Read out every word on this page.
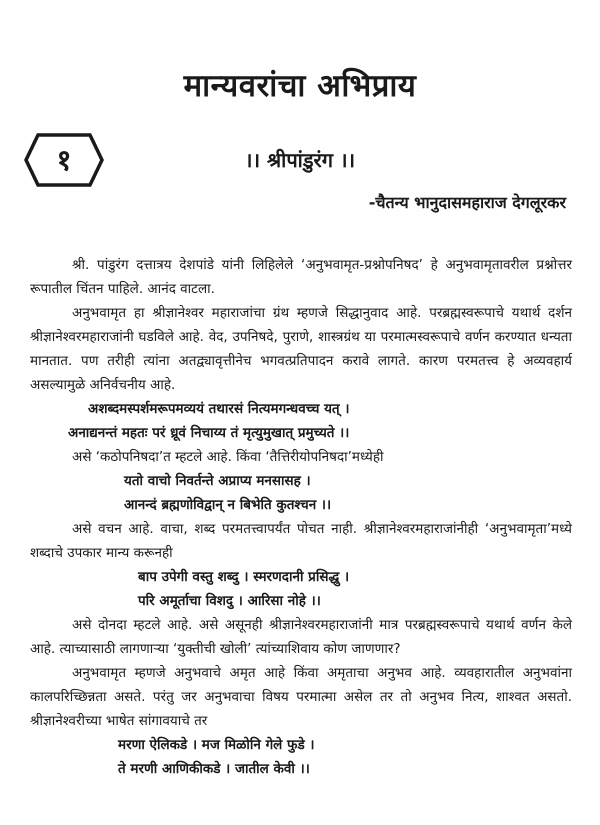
मान्यवरांचा अभिप्राय
१	।। श्रीपांडुरंग ।।
-चैतन्य भानुदासमहाराज देगलूरकर

श्री. पांडुरंग दत्तात्रय देशपांडे यांनी लिहिलेले ‘अनुभवामृत-प्रश्नोपनिषद’ हे अनुभवामृतावरील प्रश्नोत्तर रूपातील चिंतन पाहिले. आनंद वाटला.

अनुभवामृत हा श्रीज्ञानेश्वर महाराजांचा ग्रंथ म्हणजे सिद्धानुवाद आहे. परब्रह्मस्वरूपाचे यथार्थ दर्शन श्रीज्ञानेश्वरमहाराजांनी घडविले आहे. वेद, उपनिषदे, पुराणे, शास्त्रग्रंथ या परमात्मस्वरूपाचे वर्णन करण्यात धन्यता मानतात. पण तरीही त्यांना अतद्व्यावृत्तीनेच भगवत्प्रतिपादन करावे लागते. कारण परमतत्त्व हे अव्यवहार्य असल्यामुळे अनिर्वचनीय आहे.

अशब्दमस्पर्शमरूपमव्ययं तथारसं नित्यमगन्धवच्च यत् ।

अनाद्यनन्तं महतः परं ध्रूवं निचाय्य तं मृत्युमुखात् प्रमुच्यते ।।

असे ‘कठोपनिषदा’त म्हटले आहे. किंवा ‘तैत्तिरीयोपनिषदा’मध्येही

यतो वाचो निवर्तन्ते अप्राप्य मनसासह ।

आनन्दं ब्रह्मणोविद्वान् न बिभेति कुतश्चन ।।

असे वचन आहे. वाचा, शब्द परमतत्त्वापर्यंत पोचत नाही. श्रीज्ञानेश्वरमहाराजांनीही ‘अनुभवामृता’मध्ये शब्दाचे उपकार मान्य करूनही

बाप उपेगी वस्तु शब्दु । स्मरणदानी प्रसिद्धु ।

परि अमूर्ताचा विशदु । आरिसा नोहे ।।

असे दोनदा म्हटले आहे. असे असूनही श्रीज्ञानेश्वरमहाराजांनी मात्र परब्रह्मस्वरूपाचे यथार्थ वर्णन केले आहे. त्याच्यासाठी लागणाऱ्या ‘युक्तीची खोली’ त्यांच्याशिवाय कोण जाणणार?

अनुभवामृत म्हणजे अनुभवाचे अमृत आहे किंवा अमृताचा अनुभव आहे. व्यवहारातील अनुभवांना कालपरिच्छिन्नता असते. परंतु जर अनुभवाचा विषय परमात्मा असेल तर तो अनुभव नित्य, शाश्वत असतो. श्रीज्ञानेश्वरीच्या भाषेत सांगावयाचे तर

मरणा ऐलिकडे । मज मिळोनि गेले फुडे ।

ते मरणी आणिकीकडे । जातील केवी ।।
